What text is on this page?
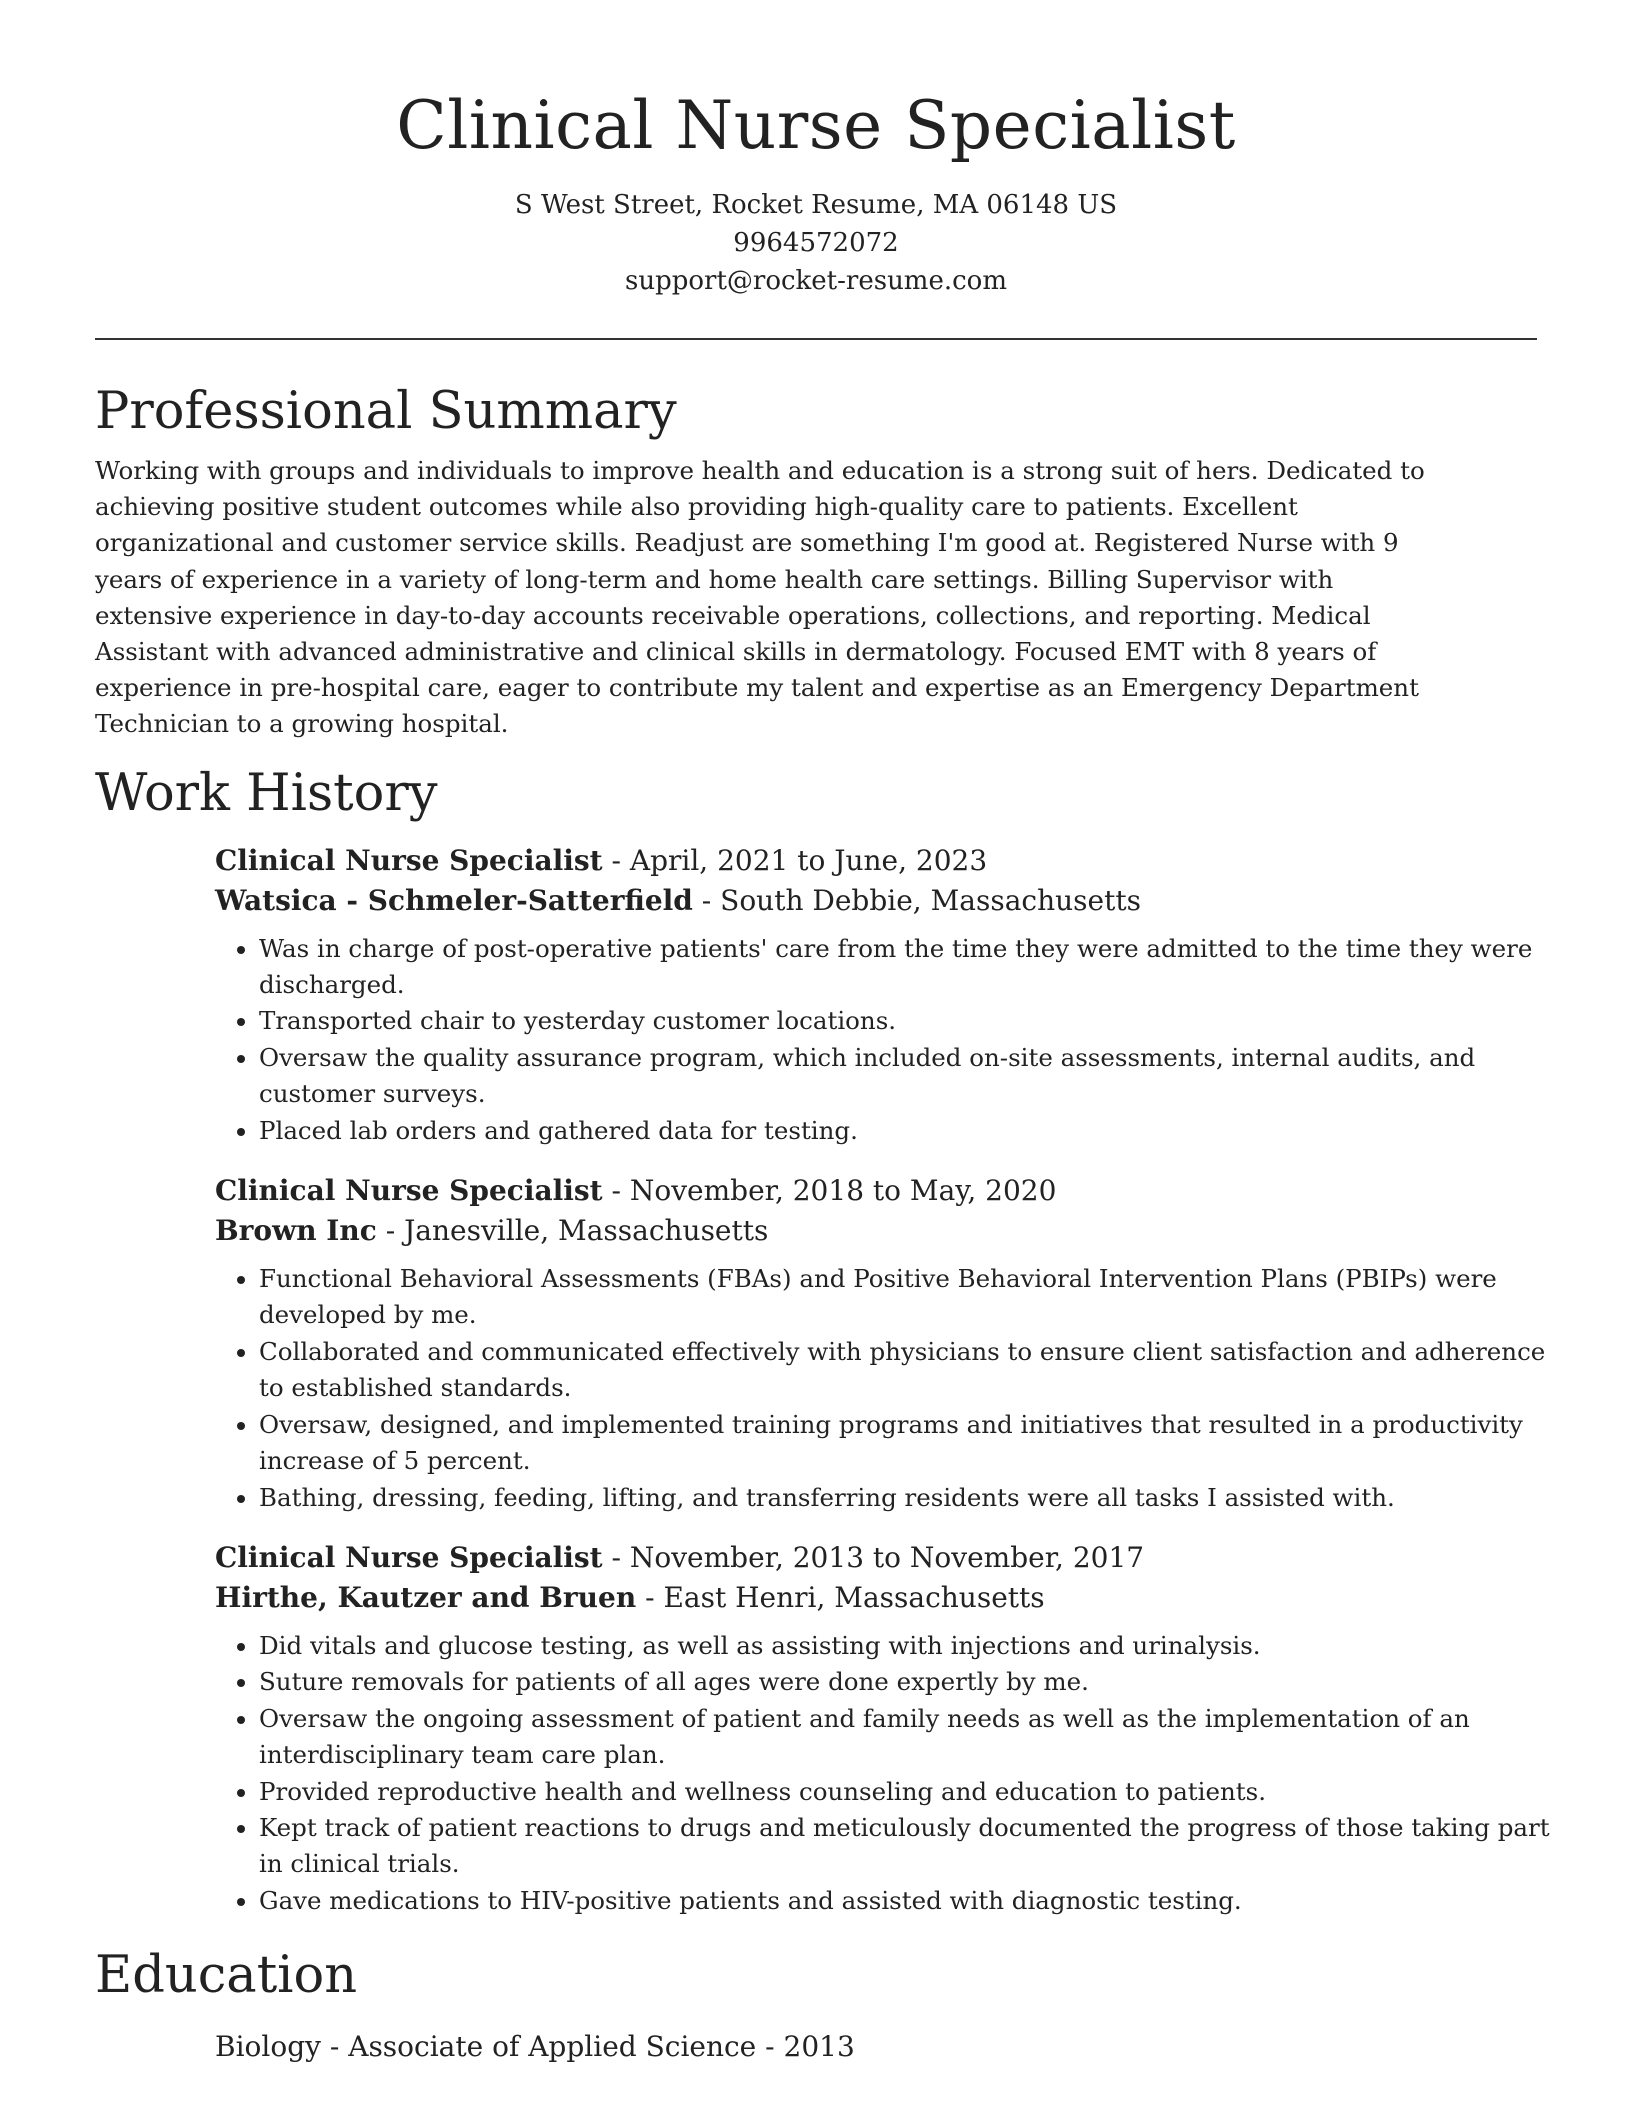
Clinical Nurse Specialist

S West Street, Rocket Resume, MA 06148 US

9964572072

support@rocket-resume.com

Professional Summary

Working with groups and individuals to improve health and education is a strong suit of hers. Dedicated to achieving positive student outcomes while also providing high-quality care to patients. Excellent organizational and customer service skills. Readjust are something I'm good at. Registered Nurse with 9 years of experience in a variety of long-term and home health care settings. Billing Supervisor with extensive experience in day-to-day accounts receivable operations, collections, and reporting. Medical Assistant with advanced administrative and clinical skills in dermatology. Focused EMT with 8 years of experience in pre-hospital care, eager to contribute my talent and expertise as an Emergency Department Technician to a growing hospital.

Work History

Clinical Nurse Specialist - April, 2021 to June, 2023

Watsica - Schmeler-Satterfield - South Debbie, Massachusetts

• Was in charge of post-operative patients' care from the time they were admitted to the time they were discharged.
• Transported chair to yesterday customer locations.
• Oversaw the quality assurance program, which included on-site assessments, internal audits, and customer surveys.
• Placed lab orders and gathered data for testing.

Clinical Nurse Specialist - November, 2018 to May, 2020

Brown Inc - Janesville, Massachusetts

• Functional Behavioral Assessments (FBAs) and Positive Behavioral Intervention Plans (PBIPs) were developed by me.
• Collaborated and communicated effectively with physicians to ensure client satisfaction and adherence to established standards.
• Oversaw, designed, and implemented training programs and initiatives that resulted in a productivity increase of 5 percent.
• Bathing, dressing, feeding, lifting, and transferring residents were all tasks I assisted with.

Clinical Nurse Specialist - November, 2013 to November, 2017

Hirthe, Kautzer and Bruen - East Henri, Massachusetts

• Did vitals and glucose testing, as well as assisting with injections and urinalysis.
• Suture removals for patients of all ages were done expertly by me.
• Oversaw the ongoing assessment of patient and family needs as well as the implementation of an interdisciplinary team care plan.
• Provided reproductive health and wellness counseling and education to patients.
• Kept track of patient reactions to drugs and meticulously documented the progress of those taking part in clinical trials.
• Gave medications to HIV-positive patients and assisted with diagnostic testing.
Education

Biology - Associate of Applied Science - 2013
